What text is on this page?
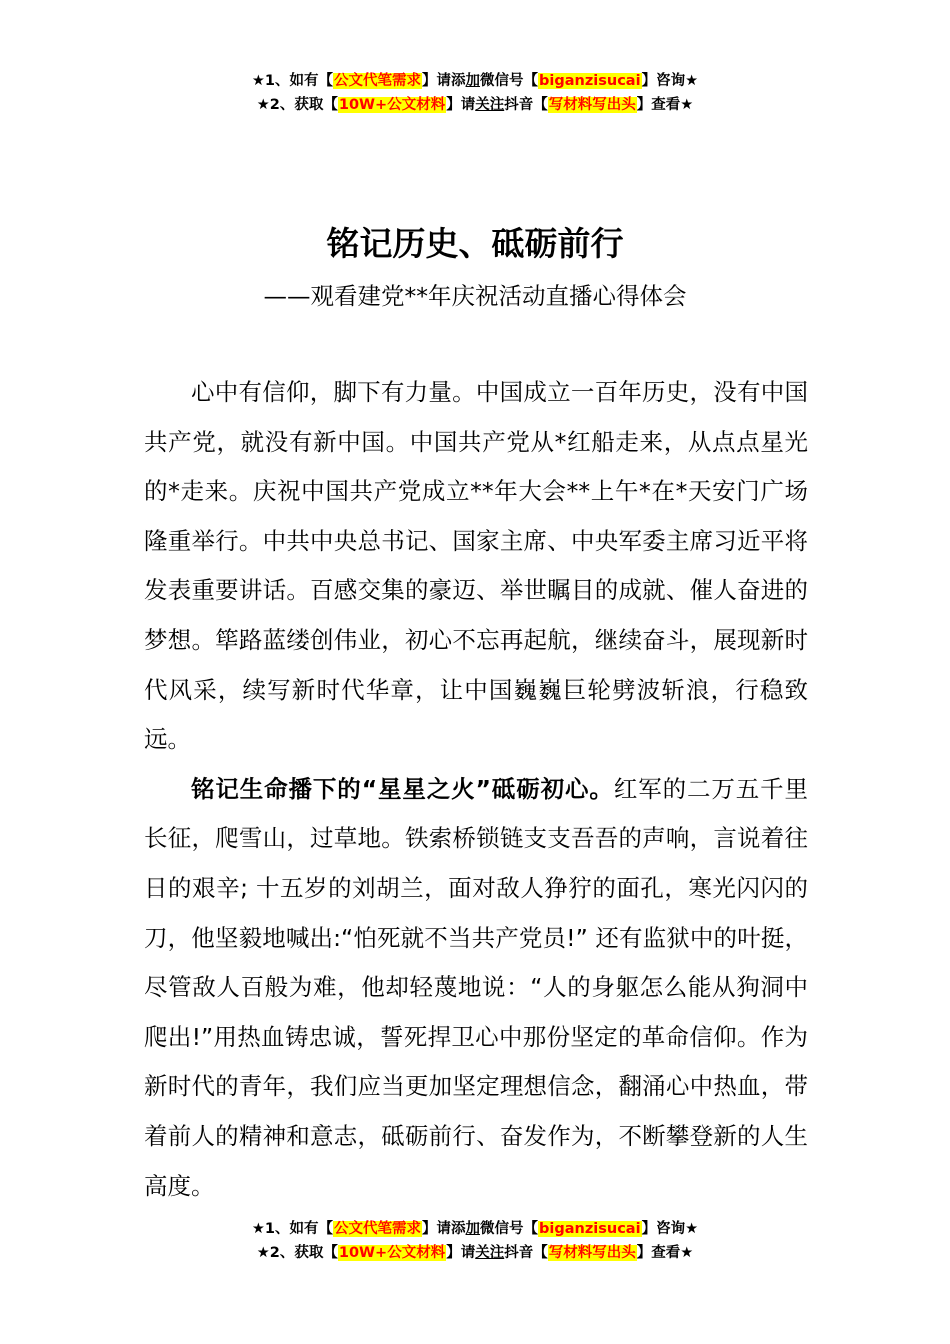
★1、如有【公文代笔需求】请添加微信号【biganzisucai】咨询★
★2、获取【10W+公文材料】请关注抖音【写材料写出头】查看★
铭记历史、砥砺前行
——观看建党**年庆祝活动直播心得体会

心中有信仰，脚下有力量。中国成立一百年历史，没有中国共产党，就没有新中国。中国共产党从*红船走来，从点点星光的*走来。庆祝中国共产党成立**年大会**上午*在*天安门广场隆重举行。中共中央总书记、国家主席、中央军委主席习近平将发表重要讲话。百感交集的豪迈、举世瞩目的成就、催人奋进的梦想。筚路蓝缕创伟业，初心不忘再起航，继续奋斗，展现新时代风采，续写新时代华章，让中国巍巍巨轮劈波斩浪，行稳致远。

铭记生命播下的“星星之火”砥砺初心。红军的二万五千里长征，爬雪山，过草地。铁索桥锁链支支吾吾的声响，言说着往日的艰辛; 十五岁的刘胡兰，面对敌人狰狞的面孔，寒光闪闪的刀，他坚毅地喊出:“怕死就不当共产党员!” 还有监狱中的叶挺，尽管敌人百般为难，他却轻蔑地说：“人的身躯怎么能从狗洞中爬出!”用热血铸忠诚，誓死捍卫心中那份坚定的革命信仰。作为新时代的青年，我们应当更加坚定理想信念，翻涌心中热血，带着前人的精神和意志，砥砺前行、奋发作为，不断攀登新的人生高度。

★1、如有【公文代笔需求】请添加微信号【biganzisucai】咨询★
★2、获取【10W+公文材料】请关注抖音【写材料写出头】查看★
